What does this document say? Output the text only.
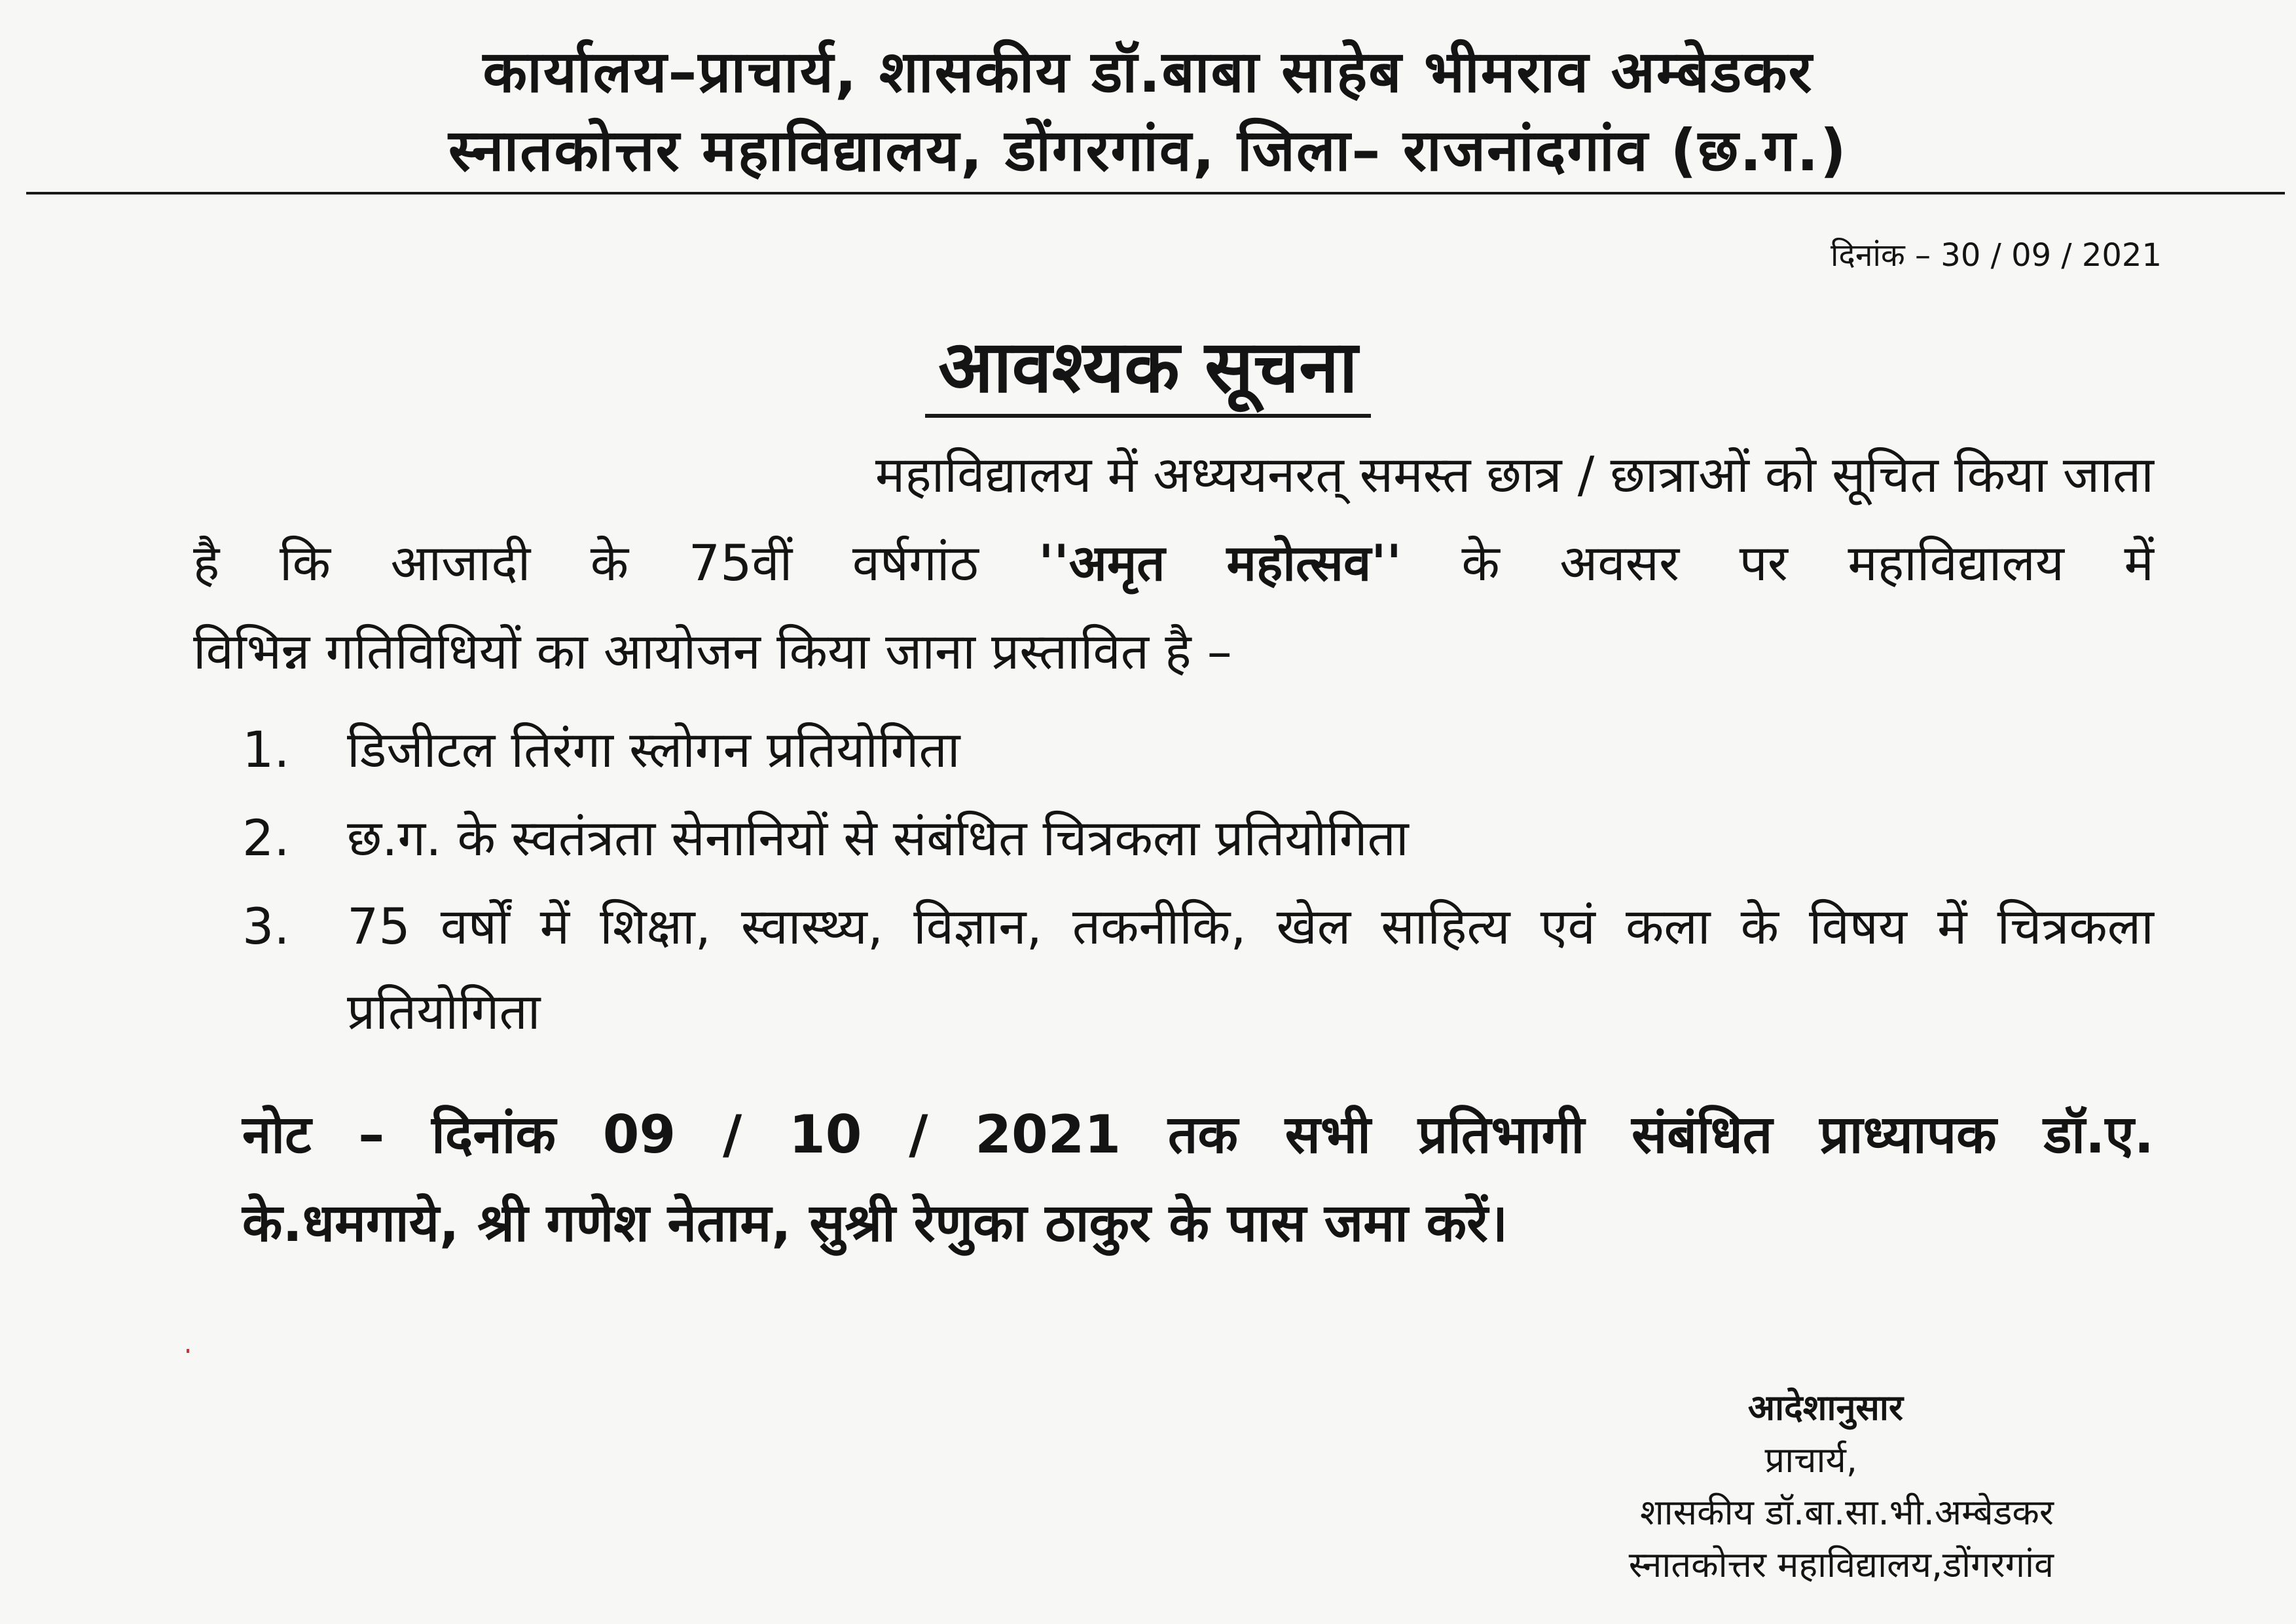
कार्यालय–प्राचार्य, शासकीय डॉ.बाबा साहेब भीमराव अम्बेडकर
स्नातकोत्तर महाविद्यालय, डोंगरगांव, जिला– राजनांदगांव (छ.ग.)
दिनांक – 30 / 09 / 2021
आवश्यक सूचना
महाविद्यालय में अध्ययनरत् समस्त छात्र / छात्राओं को सूचित किया जाता
है कि आजादी के 75वीं वर्षगांठ ''अमृत महोत्सव'' के अवसर पर महाविद्यालय में
विभिन्न गतिविधियों का आयोजन किया जाना प्रस्तावित है –
1. डिजीटल तिरंगा स्लोगन प्रतियोगिता
2. छ.ग. के स्वतंत्रता सेनानियों से संबंधित चित्रकला प्रतियोगिता
3. 75 वर्षों में शिक्षा, स्वास्थ्य, विज्ञान, तकनीकि, खेल साहित्य एवं कला के विषय में चित्रकला प्रतियोगिता
नोट – दिनांक 09 / 10 / 2021 तक सभी प्रतिभागी संबंधित प्राध्यापक डॉ.ए.
के.धमगाये, श्री गणेश नेताम, सुश्री रेणुका ठाकुर के पास जमा करें।
आदेशानुसार
प्राचार्य,
शासकीय डॉ.बा.सा.भी.अम्बेडकर
स्नातकोत्तर महाविद्यालय,डोंगरगांव
